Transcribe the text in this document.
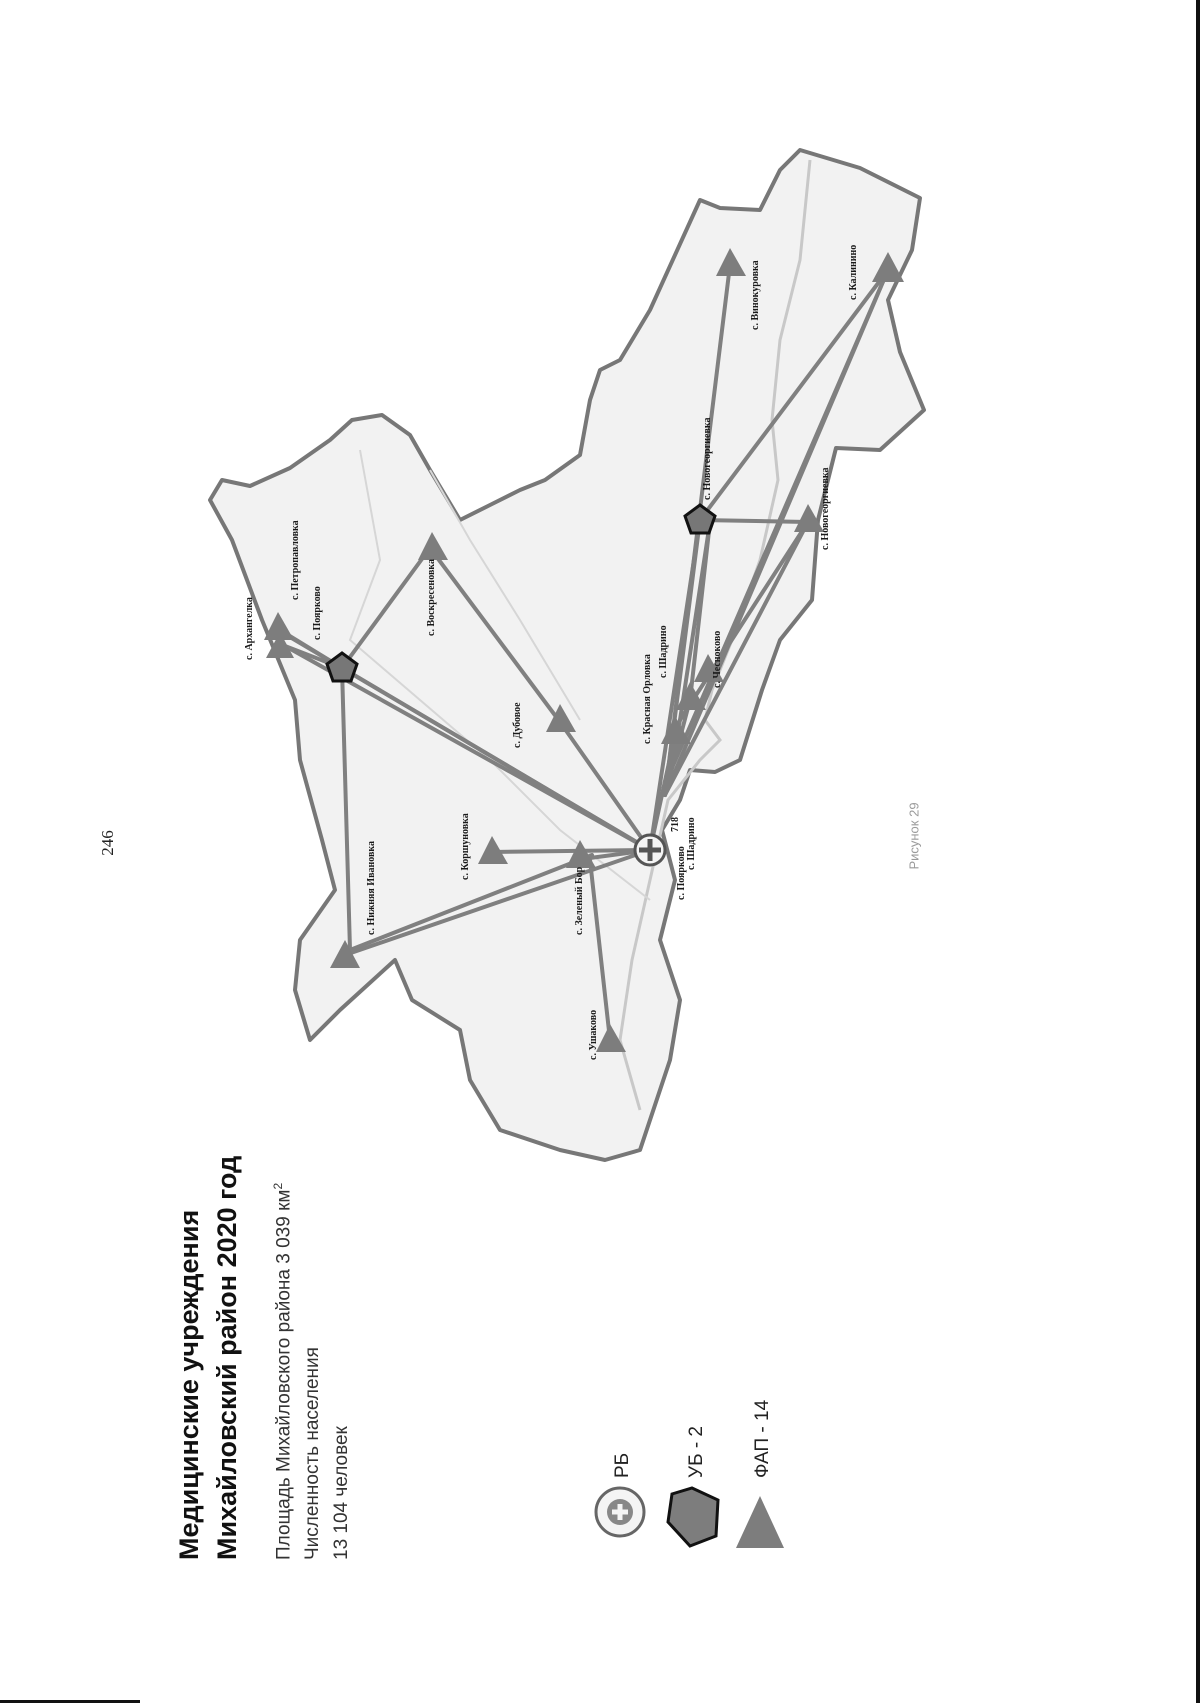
246
718
с. Архангелка
с. Петропавловка
с. Поярково	с. Воскресеновка
с. Дубовое	с. Красная Орловка
с. Шадрино	с. Чесноково
с. Новогеоргиевка
с. Винокуровка	с. Калинино
с. Коршуновка
с. Нижняя Ивановка	с. Зеленый Бор
с. Ушаково
с. Поярково
с. Новогеоргиевка
с. Шадрино
РБ	УБ - 2 ФАП - 14
Медицинские учреждения Михайловский район 2020 год	Площадь Михайловского района 3 039 $км^2$
Численность населения 13 104 человек
Рисунок 29
